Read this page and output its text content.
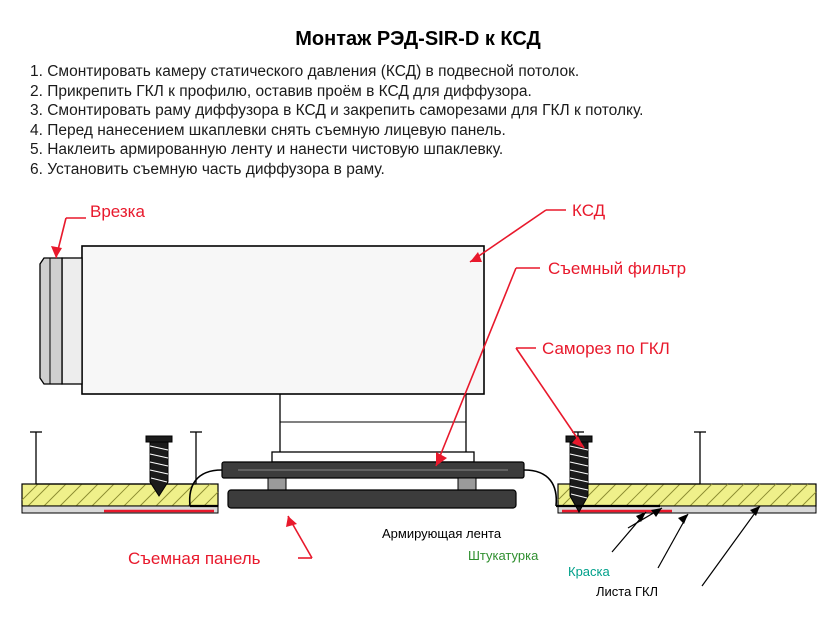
Монтаж РЭД-SIR-D к КСД
1. Смонтировать камеру статического давления (КСД) в подвесной потолок.
2. Прикрепить ГКЛ к профилю, оставив проём в КСД для диффузора.
3. Смонтировать раму диффузора в КСД и закрепить саморезами для ГКЛ к потолку.
4. Перед нанесением шкаплевки снять съемную лицевую панель.
5. Наклеить армированную ленту и нанести чистовую шпаклевку.
6. Установить съемную часть диффузора в раму.
Врезка	КСД
Съемный фильтр
Саморез по ГКЛ
Съемная панель
Армирующая лента
Штукатурка
Краска
Листа ГКЛ
